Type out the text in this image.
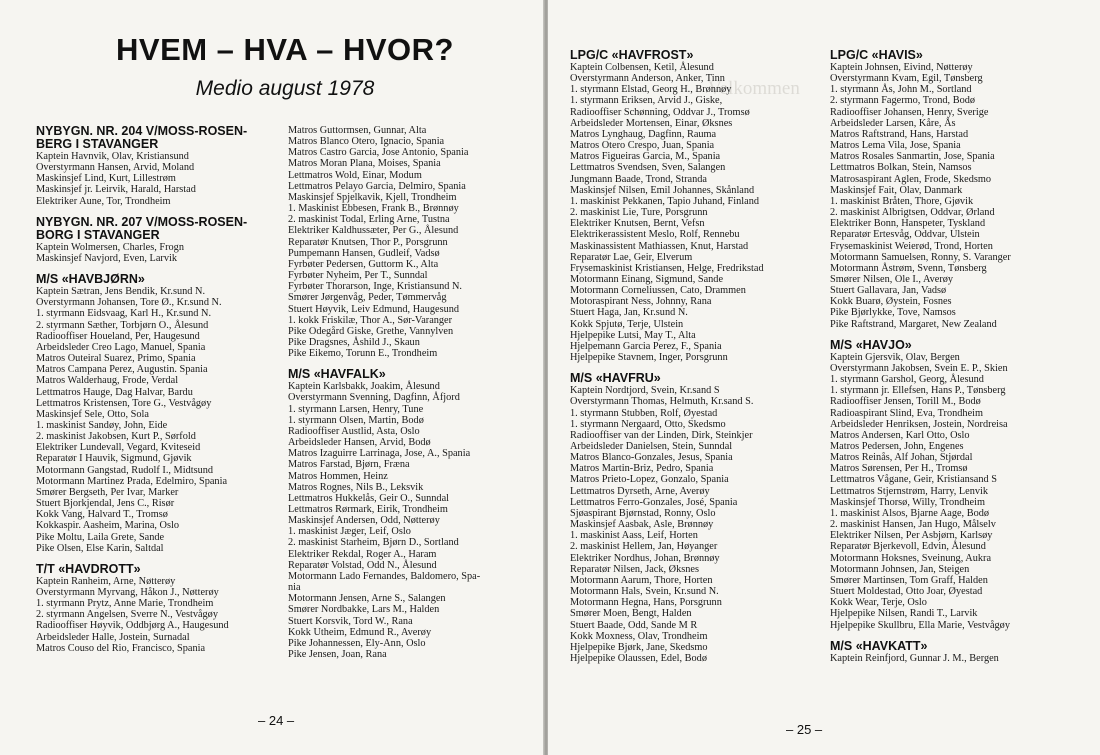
HVEM – HVA – HVOR?
Medio august 1978
NYBYGN. NR. 204 V/MOSS-ROSEN-
BERG I STAVANGER
Kaptein Havnvik, Olav, Kristiansund
Overstyrmann Hansen, Arvid, Moland
Maskinsjef Lind, Kurt, Lillestrøm
Maskinsjef jr. Leirvik, Harald, Harstad
Elektriker Aune, Tor, Trondheim
NYBYGN. NR. 207 V/MOSS-ROSEN-
BORG I STAVANGER
Kaptein Wolmersen, Charles, Frogn
Maskinsjef Navjord, Even, Larvik
M/S «HAVBJØRN»
Kaptein Sætran, Jens Bendik, Kr.sund N.
Overstyrmann Johansen, Tore Ø., Kr.sund N.
1. styrmann Eidsvaag, Karl H., Kr.sund N.
2. styrmann Sæther, Torbjørn O., Ålesund
Radiooffiser Houeland, Per, Haugesund
Arbeidsleder Creo Lago, Manuel, Spania
Matros Outeiral Suarez, Primo, Spania
Matros Campana Perez, Augustin. Spania
Matros Walderhaug, Frode, Verdal
Lettmatros Hauge, Dag Halvar, Bardu
Lettmatros Kristensen, Tore G., Vestvågøy
Maskinsjef Sele, Otto, Sola
1. maskinist Sandøy, John, Eide
2. maskinist Jakobsen, Kurt P., Sørfold
Elektriker Lundevall, Vegard, Kviteseid
Reparatør I Hauvik, Sigmund, Gjøvik
Motormann Gangstad, Rudolf I., Midtsund
Motormann Martinez Prada, Edelmiro, Spania
Smører Bergseth, Per Ivar, Marker
Stuert Bjorkjendal, Jens C., Risør
Kokk Vang, Halvard T., Tromsø
Kokkaspir. Aasheim, Marina, Oslo
Pike Moltu, Laila Grete, Sande
Pike Olsen, Else Karin, Saltdal
T/T «HAVDROTT»
Kaptein Ranheim, Arne, Nøtterøy
Overstyrmann Myrvang, Håkon J., Nøtterøy
1. styrmann Prytz, Anne Marie, Trondheim
2. styrmann Angelsen, Sverre N., Vestvågøy
Radiooffiser Høyvik, Oddbjørg A., Haugesund
Arbeidsleder Halle, Jostein, Surnadal
Matros Couso del Rio, Francisco, Spania
Matros Guttormsen, Gunnar, Alta
Matros Blanco Otero, Ignacio, Spania
Matros Castro Garcia, Jose Antonio, Spania
Matros Moran Plana, Moises, Spania
Lettmatros Wold, Einar, Modum
Lettmatros Pelayo Garcia, Delmiro, Spania
Maskinsjef Spjelkavik, Kjell, Trondheim
1. Maskinist Ebbesen, Frank B., Brønnøy
2. maskinist Todal, Erling Arne, Tustna
Elektriker Kaldhussæter, Per G., Ålesund
Reparatør Knutsen, Thor P., Porsgrunn
Pumpemann Hansen, Gudleif, Vadsø
Fyrbøter Pedersen, Guttorm K., Alta
Fyrbøter Nyheim, Per T., Sunndal
Fyrbøter Thorarson, Inge, Kristiansund N.
Smører Jørgenvåg, Peder, Tømmervåg
Stuert Høyvik, Leiv Edmund, Haugesund
1. kokk Friskilæ, Thor A., Sør-Varanger
Pike Odegård Giske, Grethe, Vannylven
Pike Dragsnes, Åshild J., Skaun
Pike Eikemo, Torunn E., Trondheim
M/S «HAVFALK»
Kaptein Karlsbakk, Joakim, Ålesund
Overstyrmann Svenning, Dagfinn, Åfjord
1. styrmann Larsen, Henry, Tune
1. styrmann Olsen, Martin, Bodø
Radiooffiser Austlid, Asta, Oslo
Arbeidsleder Hansen, Arvid, Bodø
Matros Izaguirre Larrinaga, Jose, A., Spania
Matros Farstad, Bjørn, Fræna
Matros Hommen, Heinz
Matros Rognes, Nils B., Leksvik
Lettmatros Hukkelås, Geir O., Sunndal
Lettmatros Rørmark, Eirik, Trondheim
Maskinsjef Andersen, Odd, Nøtterøy
1. maskinist Jæger, Leif, Oslo
2. maskinist Starheim, Bjørn D., Sortland
Elektriker Rekdal, Roger A., Haram
Reparatør Volstad, Odd N., Ålesund
Motormann Lado Fernandes, Baldomero, Spa-
nia
Motormann Jensen, Arne S., Salangen
Smører Nordbakke, Lars M., Halden
Stuert Korsvik, Tord W., Rana
Kokk Utheim, Edmund R., Averøy
Pike Johannessen, Ely-Ann, Oslo
Pike Jensen, Joan, Rana
– 24 –
Velkommen
LPG/C «HAVFROST»
Kaptein Colbensen, Ketil, Ålesund
Overstyrmann Anderson, Anker, Tinn
1. styrmann Elstad, Georg H., Brønnøy
1. styrmann Eriksen, Arvid J., Giske,
Radiooffiser Schønning, Oddvar J., Tromsø
Arbeidsleder Mortensen, Einar, Øksnes
Matros Lynghaug, Dagfinn, Rauma
Matros Otero Crespo, Juan, Spania
Matros Figueiras Garcia, M., Spania
Lettmatros Svendsen, Sven, Salangen
Jungmann Baade, Trond, Stranda
Maskinsjef Nilsen, Emil Johannes, Skånland
1. maskinist Pekkanen, Tapio Juhand, Finland
2. maskinist Lie, Ture, Porsgrunn
Elektriker Knutsen, Bernt, Vefsn
Elektrikerassistent Meslo, Rolf, Rennebu
Maskinassistent Mathiassen, Knut, Harstad
Reparatør Lae, Geir, Elverum
Frysemaskinist Kristiansen, Helge, Fredrikstad
Motormann Einang, Sigmund, Sande
Motormann Corneliussen, Cato, Drammen
Motoraspirant Ness, Johnny, Rana
Stuert Haga, Jan, Kr.sund N.
Kokk Spjutø, Terje, Ulstein
Hjelpepike Lutsi, May T., Alta
Hjelpemann Garcia Perez, F., Spania
Hjelpepike Stavnem, Inger, Porsgrunn
M/S «HAVFRU»
Kaptein Nordtjord, Svein, Kr.sand S
Overstyrmann Thomas, Helmuth, Kr.sand S.
1. styrmann Stubben, Rolf, Øyestad
1. styrmann Nergaard, Otto, Skedsmo
Radiooffiser van der Linden, Dirk, Steinkjer
Arbeidsleder Danielsen, Stein, Sunndal
Matros Blanco-Gonzales, Jesus, Spania
Matros Martin-Briz, Pedro, Spania
Matros Prieto-Lopez, Gonzalo, Spania
Lettmatros Dyrseth, Arne, Averøy
Lettmatros Ferro-Gonzales, José, Spania
Sjøaspirant Bjørnstad, Ronny, Oslo
Maskinsjef Aasbak, Asle, Brønnøy
1. maskinist Aass, Leif, Horten
2. maskinist Hellem, Jan, Høyanger
Elektriker Nordhus, Johan, Brønnøy
Reparatør Nilsen, Jack, Øksnes
Motormann Aarum, Thore, Horten
Motormann Hals, Svein, Kr.sund N.
Motormann Hegna, Hans, Porsgrunn
Smører Moen, Bengt, Halden
Stuert Baade, Odd, Sande M R
Kokk Moxness, Olav, Trondheim
Hjelpepike Bjørk, Jane, Skedsmo
Hjelpepike Olaussen, Edel, Bodø
LPG/C «HAVIS»
Kaptein Johnsen, Eivind, Nøtterøy
Overstyrmann Kvam, Egil, Tønsberg
1. styrmann Ås, John M., Sortland
2. styrmann Fagermo, Trond, Bodø
Radiooffiser Johansen, Henry, Sverige
Arbeidsleder Larsen, Kåre, Ås
Matros Raftstrand, Hans, Harstad
Matros Lema Vila, Jose, Spania
Matros Rosales Sanmartin, Jose, Spania
Lettmatros Bolkan, Stein, Namsos
Matrosaspirant Aglen, Frode, Skedsmo
Maskinsjef Fait, Olav, Danmark
1. maskinist Bråten, Thore, Gjøvik
2. maskinist Albrigtsen, Oddvar, Ørland
Elektriker Bonn, Hanspeter, Tyskland
Reparatør Ertesvåg, Oddvar, Ulstein
Frysemaskinist Weierød, Trond, Horten
Motormann Samuelsen, Ronny, S. Varanger
Motormann Åstrøm, Svenn, Tønsberg
Smører Nilsen, Ole I., Averøy
Stuert Gallavara, Jan, Vadsø
Kokk Buarø, Øystein, Fosnes
Pike Bjørlykke, Tove, Namsos
Pike Raftstrand, Margaret, New Zealand
M/S «HAVJO»
Kaptein Gjersvik, Olav, Bergen
Overstyrmann Jakobsen, Svein E. P., Skien
1. styrmann Garshol, Georg, Ålesund
1. styrmann jr. Ellefsen, Hans P., Tønsberg
Radiooffiser Jensen, Torill M., Bodø
Radioaspirant Slind, Eva, Trondheim
Arbeidsleder Henriksen, Jostein, Nordreisa
Matros Andersen, Karl Otto, Oslo
Matros Pedersen, John, Engenes
Matros Reinås, Alf Johan, Stjørdal
Matros Sørensen, Per H., Tromsø
Lettmatros Vågane, Geir, Kristiansand S
Lettmatros Stjernstrøm, Harry, Lenvik
Maskinsjef Thorsø, Willy, Trondheim
1. maskinist Alsos, Bjarne Aage, Bodø
2. maskinist Hansen, Jan Hugo, Målselv
Elektriker Nilsen, Per Asbjørn, Karlsøy
Reparatør Bjerkevoll, Edvin, Ålesund
Motormann Hoksnes, Sveinung, Aukra
Motormann Johnsen, Jan, Steigen
Smører Martinsen, Tom Graff, Halden
Stuert Moldestad, Otto Joar, Øyestad
Kokk Wear, Terje, Oslo
Hjelpepike Nilsen, Randi T., Larvik
Hjelpepike Skullbru, Ella Marie, Vestvågøy
M/S «HAVKATT»
Kaptein Reinfjord, Gunnar J. M., Bergen
– 25 –
